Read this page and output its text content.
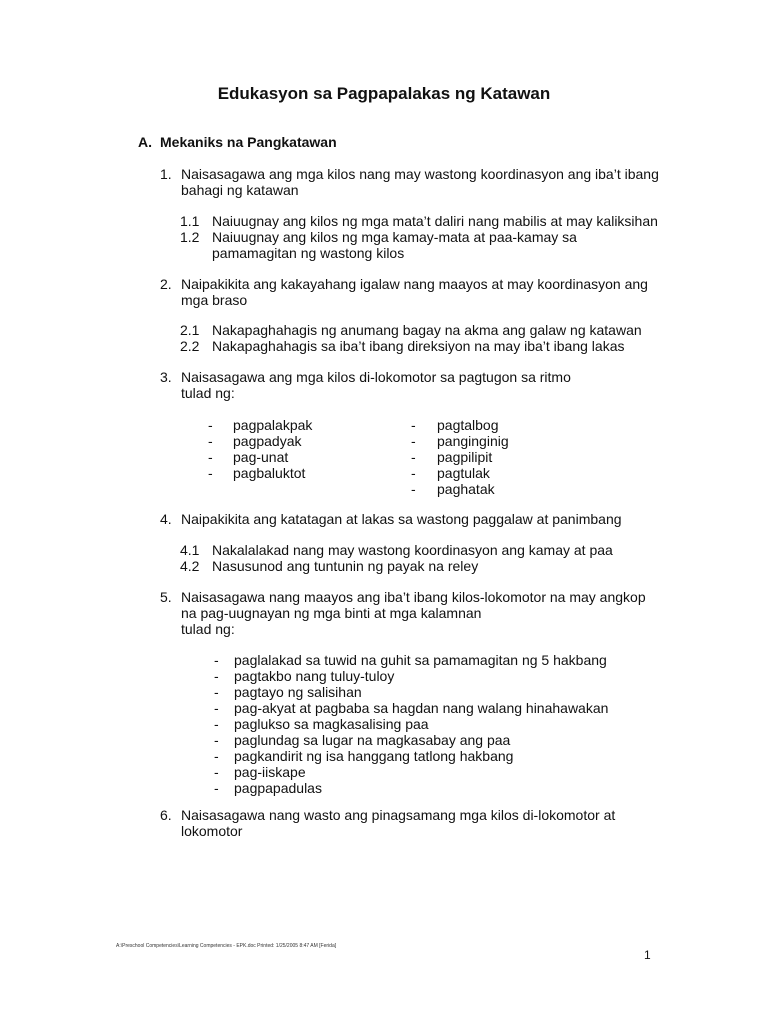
Edukasyon sa Pagpapalakas ng Katawan
A. Mekaniks na Pangkatawan
1. Naisasagawa ang mga kilos nang may wastong koordinasyon ang iba’t ibang
bahagi ng katawan
1.1 Naiuugnay ang kilos ng mga mata’t daliri nang mabilis at may kaliksihan
1.2 Naiuugnay ang kilos ng mga kamay-mata at paa-kamay sa
pamamagitan ng wastong kilos
2. Naipakikita ang kakayahang igalaw nang maayos at may koordinasyon ang
mga braso
2.1 Nakapaghahagis ng anumang bagay na akma ang galaw ng katawan
2.2 Nakapaghahagis sa iba’t ibang direksiyon na may iba’t ibang lakas
3. Naisasagawa ang mga kilos di-lokomotor sa pagtugon sa ritmo
tulad ng:
- pagpalakpak
- pagpadyak
- pag-unat
- pagbaluktot
- pagtalbog
- panginginig
- pagpilipit
- pagtulak
- paghatak
4. Naipakikita ang katatagan at lakas sa wastong paggalaw at panimbang
4.1 Nakalalakad nang may wastong koordinasyon ang kamay at paa
4.2 Nasusunod ang tuntunin ng payak na reley
5. Naisasagawa nang maayos ang iba’t ibang kilos-lokomotor na may angkop
na pag-uugnayan ng mga binti at mga kalamnan
tulad ng:
- paglalakad sa tuwid na guhit sa pamamagitan ng 5 hakbang
- pagtakbo nang tuluy-tuloy
- pagtayo ng salisihan
- pag-akyat at pagbaba sa hagdan nang walang hinahawakan
- paglukso sa magkasalising paa
- paglundag sa lugar na magkasabay ang paa
- pagkandirit ng isa hanggang tatlong hakbang
- pag-iiskape
- pagpapadulas
6. Naisasagawa nang wasto ang pinagsamang mga kilos di-lokomotor at
lokomotor
A:\Preschool Competencies\Learning Competencies - EPK.doc Printed: 1/25/2005 8:47 AM [Ferida]
1
